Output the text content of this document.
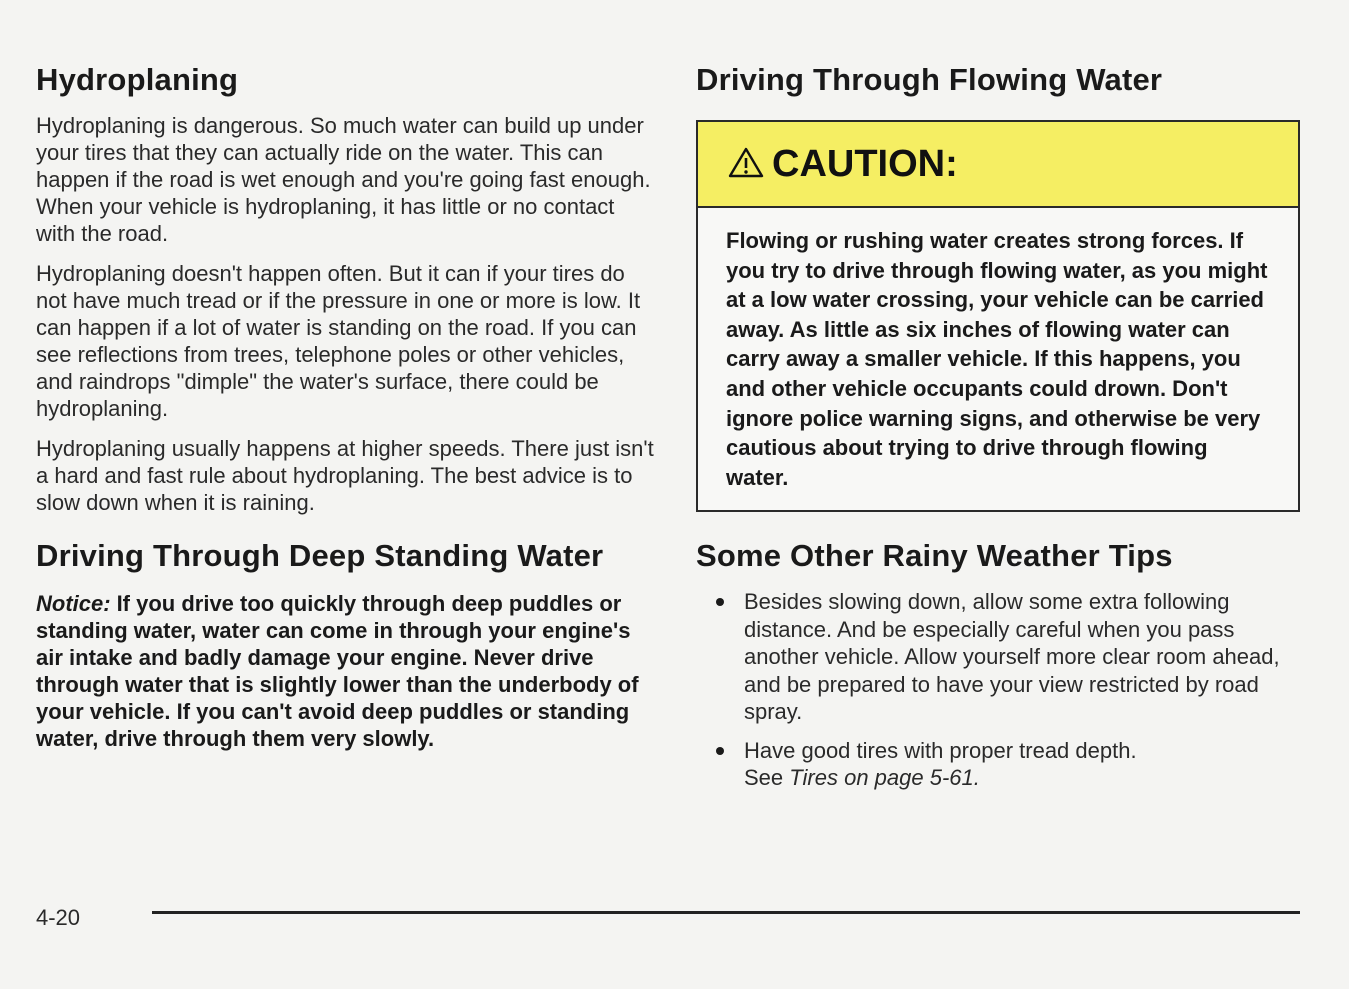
Hydroplaning

Hydroplaning is dangerous. So much water can build up under your tires that they can actually ride on the water. This can happen if the road is wet enough and you're going fast enough. When your vehicle is hydroplaning, it has little or no contact with the road.

Hydroplaning doesn't happen often. But it can if your tires do not have much tread or if the pressure in one or more is low. It can happen if a lot of water is standing on the road. If you can see reflections from trees, telephone poles or other vehicles, and raindrops "dimple" the water's surface, there could be hydroplaning.

Hydroplaning usually happens at higher speeds. There just isn't a hard and fast rule about hydroplaning. The best advice is to slow down when it is raining.

Driving Through Deep Standing Water

Notice: If you drive too quickly through deep puddles or standing water, water can come in through your engine's air intake and badly damage your engine. Never drive through water that is slightly lower than the underbody of your vehicle. If you can't avoid deep puddles or standing water, drive through them very slowly.

Driving Through Flowing Water
CAUTION:
Flowing or rushing water creates strong forces. If you try to drive through flowing water, as you might at a low water crossing, your vehicle can be carried away. As little as six inches of flowing water can carry away a smaller vehicle. If this happens, you and other vehicle occupants could drown. Don't ignore police warning signs, and otherwise be very cautious about trying to drive through flowing water.
Some Other Rainy Weather Tips
Besides slowing down, allow some extra following distance. And be especially careful when you pass another vehicle. Allow yourself more clear room ahead, and be prepared to have your view restricted by road spray.
Have good tires with proper tread depth.
See Tires on page 5-61.
4-20
